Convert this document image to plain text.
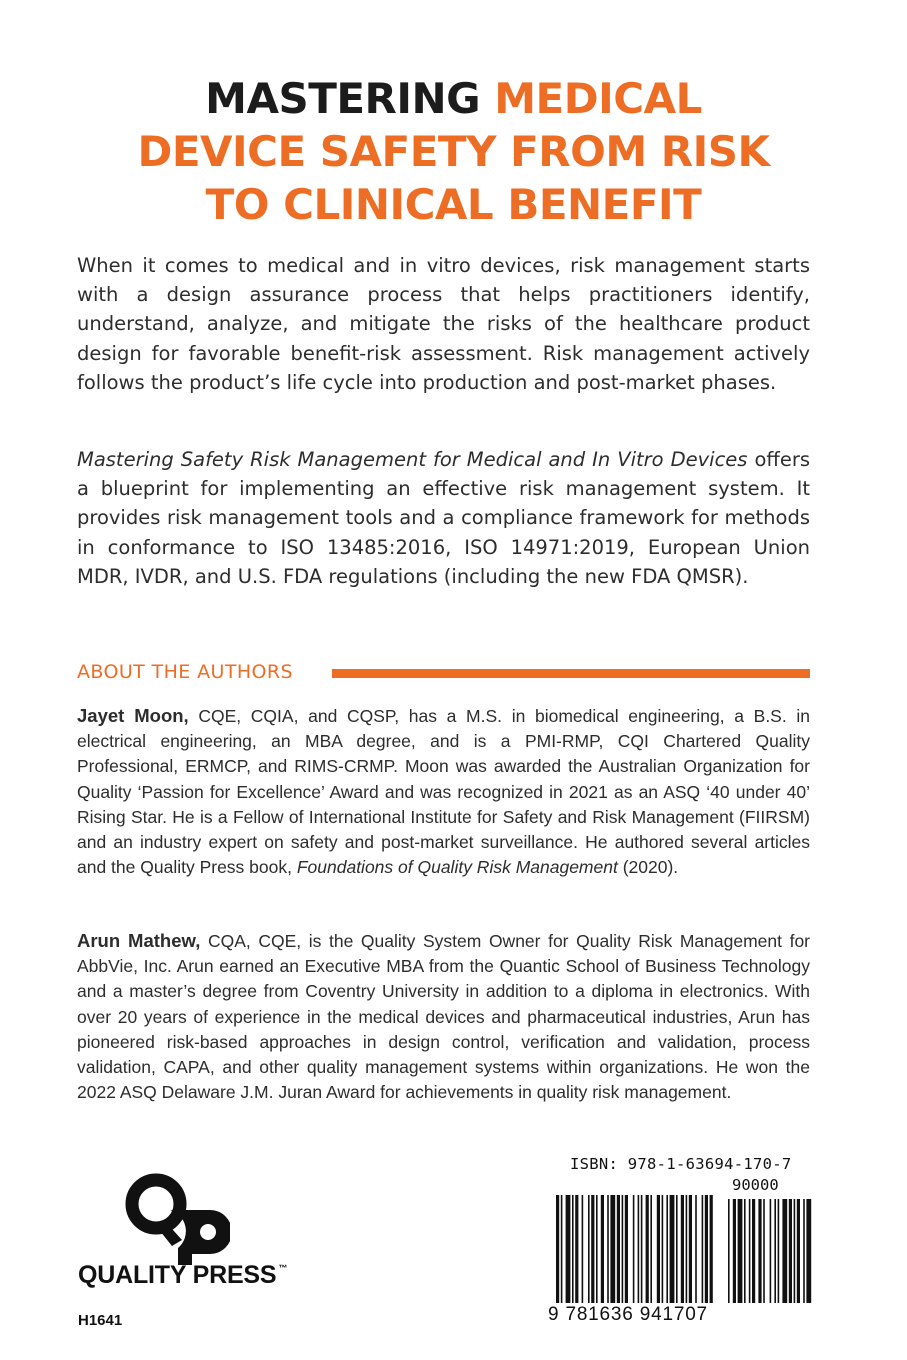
MASTERING MEDICAL
DEVICE SAFETY FROM RISK
TO CLINICAL BENEFIT

When it comes to medical and in vitro devices, risk management starts with a design assurance process that helps practitioners identify, understand, analyze, and mitigate the risks of the healthcare product design for favorable benefit-risk assessment. Risk management actively follows the product’s life cycle into production and post-market phases.

Mastering Safety Risk Management for Medical and In Vitro Devices offers a blueprint for implementing an effective risk management system. It provides risk management tools and a compliance framework for methods in conformance to ISO 13485:2016, ISO 14971:2019, European Union MDR, IVDR, and U.S. FDA regulations (including the new FDA QMSR).

ABOUT THE AUTHORS

Jayet Moon, CQE, CQIA, and CQSP, has a M.S. in biomedical engineering, a B.S. in electrical engineering, an MBA degree, and is a PMI-RMP, CQI Chartered Quality Professional, ERMCP, and RIMS-CRMP. Moon was awarded the Australian Organization for Quality ‘Passion for Excellence’ Award and was recognized in 2021 as an ASQ ‘40 under 40’ Rising Star. He is a Fellow of International Institute for Safety and Risk Management (FIIRSM) and an industry expert on safety and post-market surveillance. He authored several articles and the Quality Press book, Foundations of Quality Risk Management (2020).

Arun Mathew, CQA, CQE, is the Quality System Owner for Quality Risk Management for AbbVie, Inc. Arun earned an Executive MBA from the Quantic School of Business Technology and a master’s degree from Coventry University in addition to a diploma in electronics. With over 20 years of experience in the medical devices and pharmaceutical industries, Arun has pioneered risk-based approaches in design control, verification and validation, process validation, CAPA, and other quality management systems within organizations. He won the 2022 ASQ Delaware J.M. Juran Award for achievements in quality risk management.

QUALITY PRESS ™
H1641
ISBN: 978-1-63694-170-7
90000
9 781636 941707
